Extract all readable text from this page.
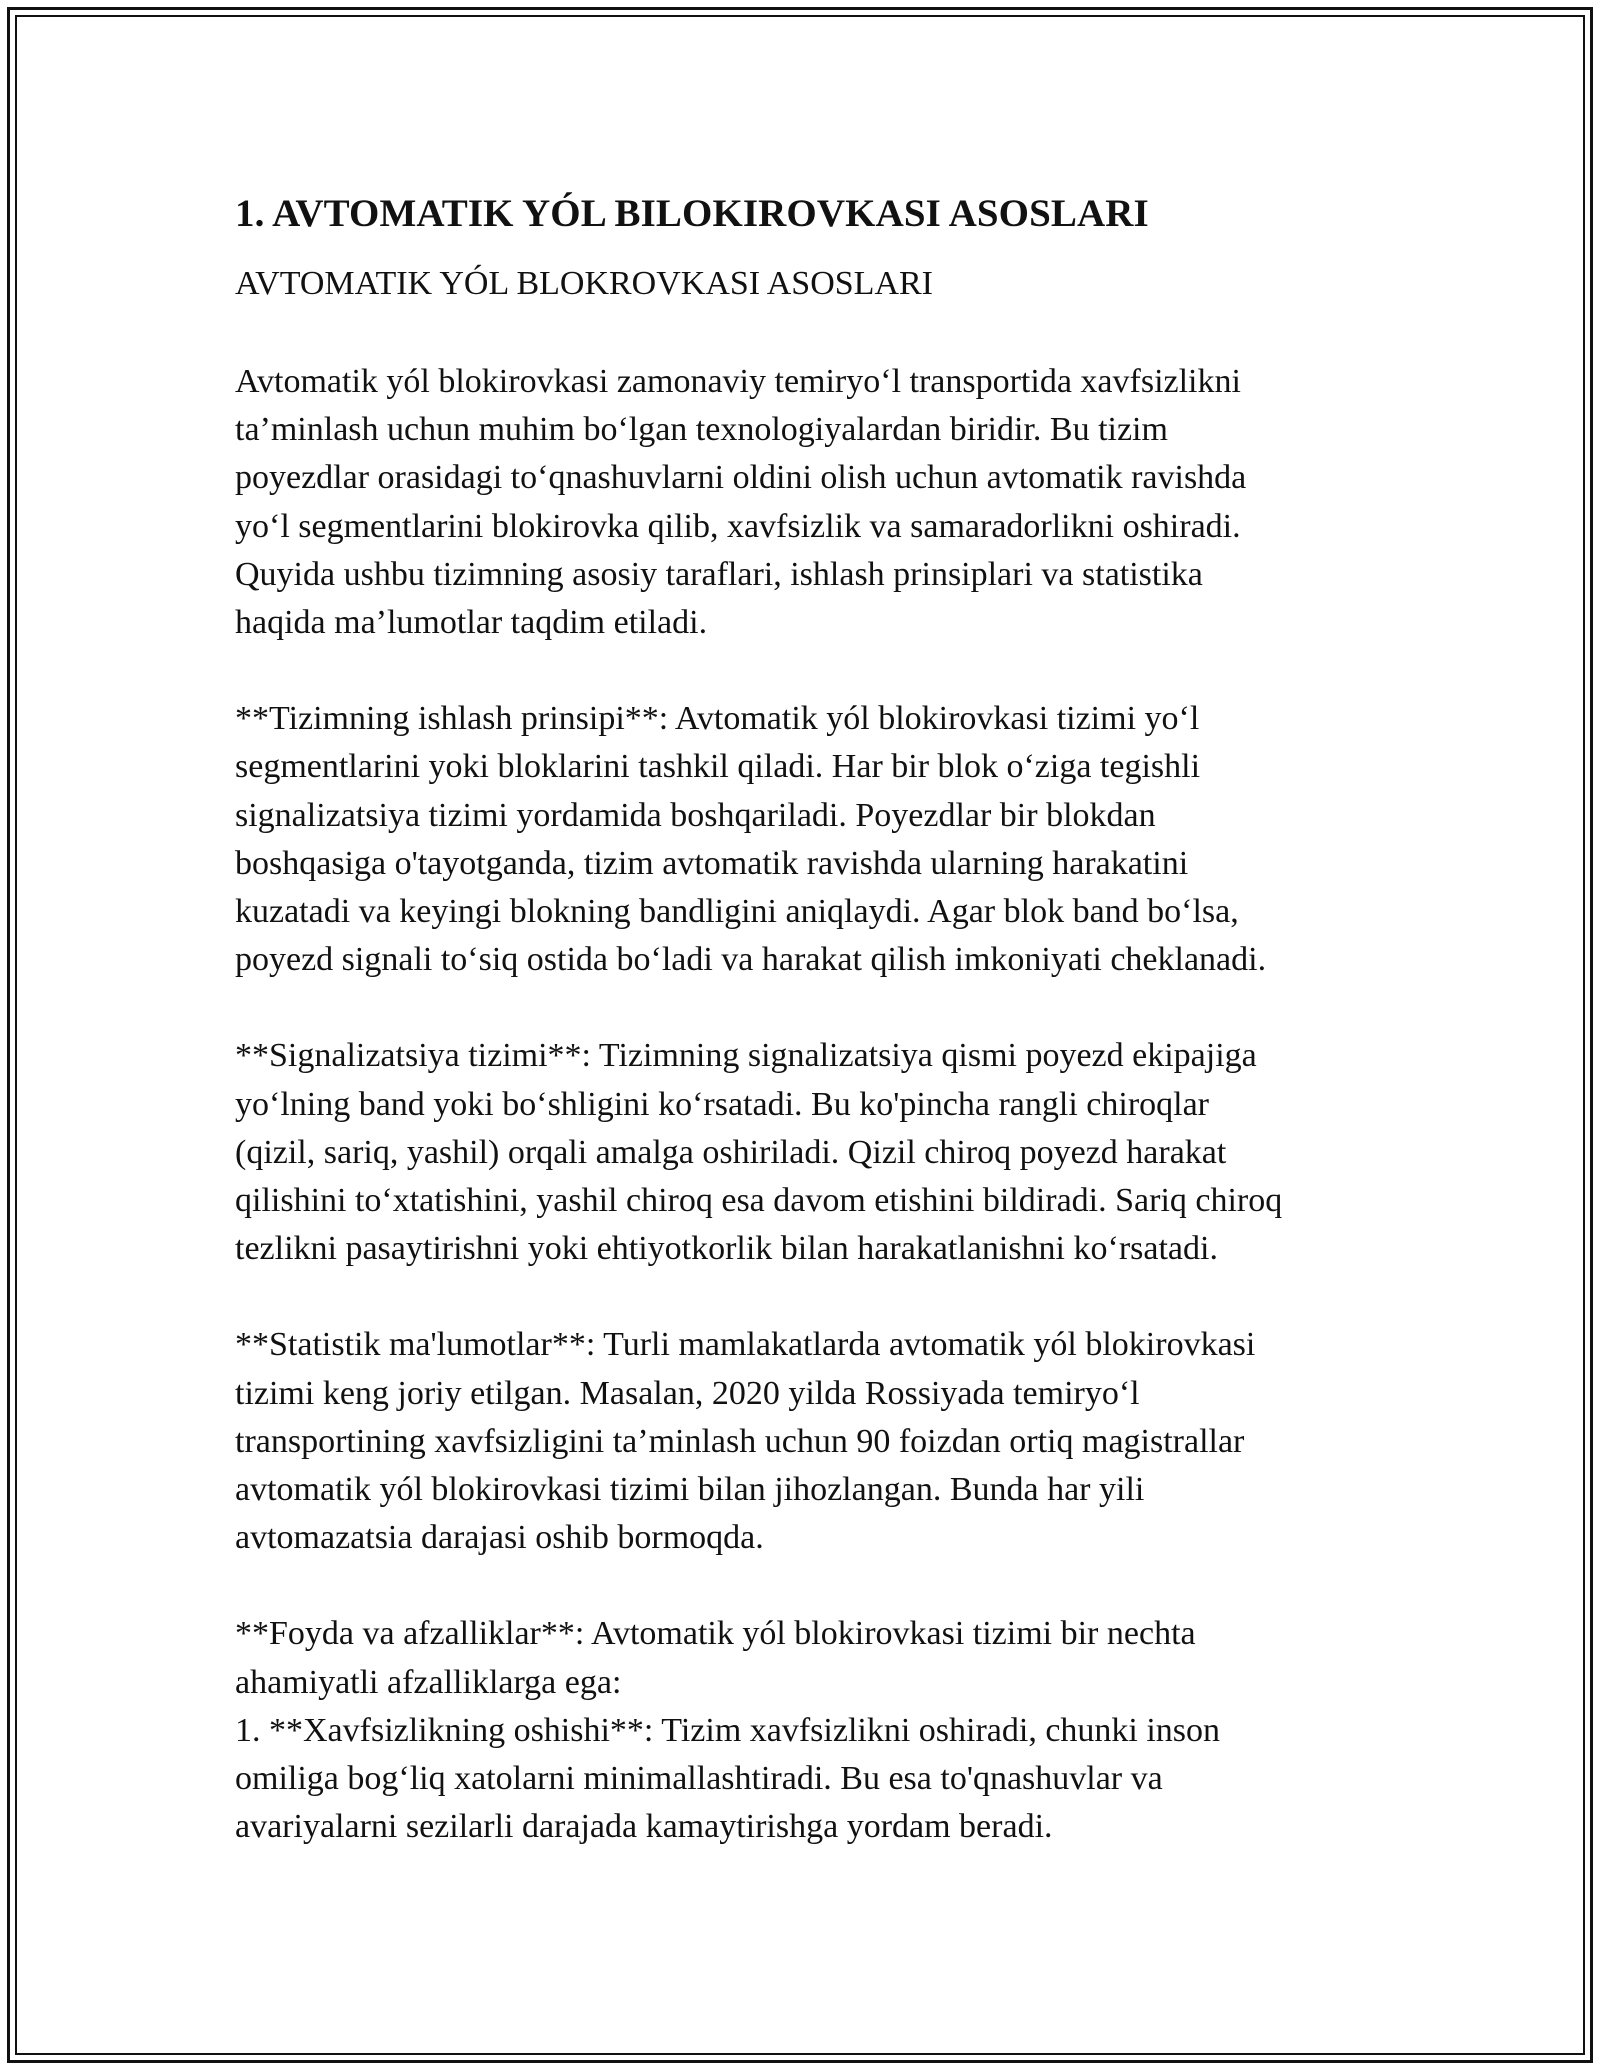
1. AVTOMATIK YÓL BILOKIROVKASI ASOSLARI
AVTOMATIK YÓL BLOKROVKASI ASOSLARI

Avtomatik yól blokirovkasi zamonaviy temiryo‘l transportida xavfsizlikni
ta’minlash uchun muhim bo‘lgan texnologiyalardan biridir. Bu tizim
poyezdlar orasidagi to‘qnashuvlarni oldini olish uchun avtomatik ravishda
yo‘l segmentlarini blokirovka qilib, xavfsizlik va samaradorlikni oshiradi.
Quyida ushbu tizimning asosiy taraflari, ishlash prinsiplari va statistika
haqida ma’lumotlar taqdim etiladi.

**Tizimning ishlash prinsipi**: Avtomatik yól blokirovkasi tizimi yo‘l
segmentlarini yoki bloklarini tashkil qiladi. Har bir blok o‘ziga tegishli
signalizatsiya tizimi yordamida boshqariladi. Poyezdlar bir blokdan
boshqasiga o'tayotganda, tizim avtomatik ravishda ularning harakatini
kuzatadi va keyingi blokning bandligini aniqlaydi. Agar blok band bo‘lsa,
poyezd signali to‘siq ostida bo‘ladi va harakat qilish imkoniyati cheklanadi.

**Signalizatsiya tizimi**: Tizimning signalizatsiya qismi poyezd ekipajiga
yo‘lning band yoki bo‘shligini ko‘rsatadi. Bu ko'pincha rangli chiroqlar
(qizil, sariq, yashil) orqali amalga oshiriladi. Qizil chiroq poyezd harakat
qilishini to‘xtatishini, yashil chiroq esa davom etishini bildiradi. Sariq chiroq
tezlikni pasaytirishni yoki ehtiyotkorlik bilan harakatlanishni ko‘rsatadi.

**Statistik ma'lumotlar**: Turli mamlakatlarda avtomatik yól blokirovkasi
tizimi keng joriy etilgan. Masalan, 2020 yilda Rossiyada temiryo‘l
transportining xavfsizligini ta’minlash uchun 90 foizdan ortiq magistrallar
avtomatik yól blokirovkasi tizimi bilan jihozlangan. Bunda har yili
avtomazatsia darajasi oshib bormoqda.

**Foyda va afzalliklar**: Avtomatik yól blokirovkasi tizimi bir nechta
ahamiyatli afzalliklarga ega:
1. **Xavfsizlikning oshishi**: Tizim xavfsizlikni oshiradi, chunki inson
omiliga bog‘liq xatolarni minimallashtiradi. Bu esa to'qnashuvlar va
avariyalarni sezilarli darajada kamaytirishga yordam beradi.
